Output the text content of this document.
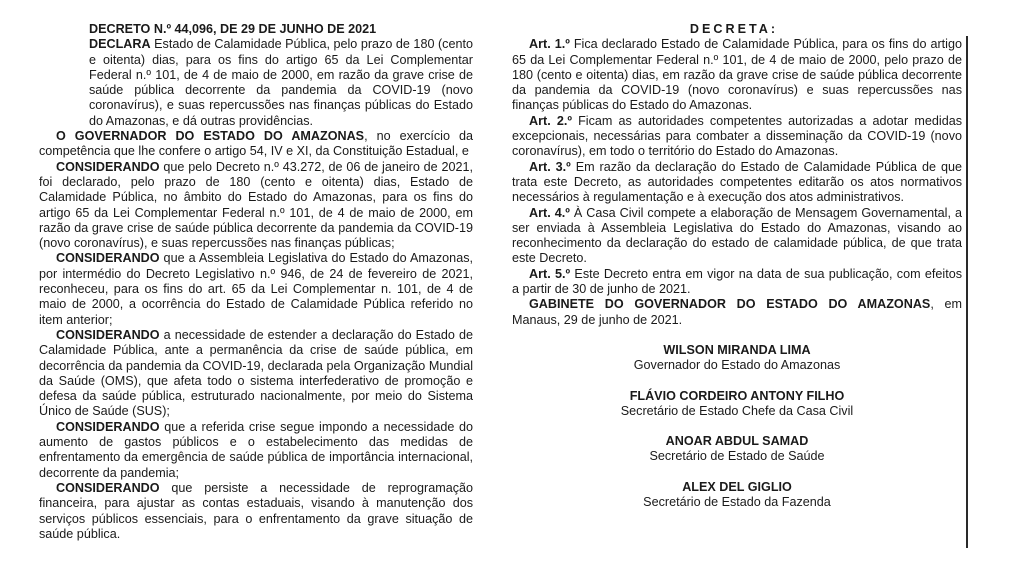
DECRETO N.º 44,096, DE 29 DE JUNHO DE 2021

DECLARA Estado de Calamidade Pública, pelo prazo de 180 (cento e oitenta) dias, para os fins do artigo 65 da Lei Complementar Federal n.º 101, de 4 de maio de 2000, em razão da grave crise de saúde pública decorrente da pandemia da COVID-19 (novo coronavírus), e suas repercussões nas finanças públicas do Estado do Amazonas, e dá outras providências.

O GOVERNADOR DO ESTADO DO AMAZONAS, no exercício da competência que lhe confere o artigo 54, IV e XI, da Constituição Estadual, e

CONSIDERANDO que pelo Decreto n.º 43.272, de 06 de janeiro de 2021, foi declarado, pelo prazo de 180 (cento e oitenta) dias, Estado de Calamidade Pública, no âmbito do Estado do Amazonas, para os fins do artigo 65 da Lei Complementar Federal n.º 101, de 4 de maio de 2000, em razão da grave crise de saúde pública decorrente da pandemia da COVID-19 (novo coronavírus), e suas repercussões nas finanças públicas;

CONSIDERANDO que a Assembleia Legislativa do Estado do Amazonas, por intermédio do Decreto Legislativo n.º 946, de 24 de fevereiro de 2021, reconheceu, para os fins do art. 65 da Lei Complementar n. 101, de 4 de maio de 2000, a ocorrência do Estado de Calamidade Pública referido no item anterior;

CONSIDERANDO a necessidade de estender a declaração do Estado de Calamidade Pública, ante a permanência da crise de saúde pública, em decorrência da pandemia da COVID-19, declarada pela Organização Mundial da Saúde (OMS), que afeta todo o sistema interfederativo de promoção e defesa da saúde pública, estruturado nacionalmente, por meio do Sistema Único de Saúde (SUS);

CONSIDERANDO que a referida crise segue impondo a necessidade do aumento de gastos públicos e o estabelecimento das medidas de enfrentamento da emergência de saúde pública de importância internacional, decorrente da pandemia;

CONSIDERANDO que persiste a necessidade de reprogramação financeira, para ajustar as contas estaduais, visando à manutenção dos serviços públicos essenciais, para o enfrentamento da grave situação de saúde pública.

DECRETA:

Art. 1.º Fica declarado Estado de Calamidade Pública, para os fins do artigo 65 da Lei Complementar Federal n.º 101, de 4 de maio de 2000, pelo prazo de 180 (cento e oitenta) dias, em razão da grave crise de saúde pública decorrente da pandemia da COVID-19 (novo coronavírus) e suas repercussões nas finanças públicas do Estado do Amazonas.

Art. 2.º Ficam as autoridades competentes autorizadas a adotar medidas excepcionais, necessárias para combater a disseminação da COVID-19 (novo coronavírus), em todo o território do Estado do Amazonas.

Art. 3.º Em razão da declaração do Estado de Calamidade Pública de que trata este Decreto, as autoridades competentes editarão os atos normativos necessários à regulamentação e à execução dos atos administrativos.

Art. 4.º À Casa Civil compete a elaboração de Mensagem Governamental, a ser enviada à Assembleia Legislativa do Estado do Amazonas, visando ao reconhecimento da declaração do estado de calamidade pública, de que trata este Decreto.

Art. 5.º Este Decreto entra em vigor na data de sua publicação, com efeitos a partir de 30 de junho de 2021.

GABINETE DO GOVERNADOR DO ESTADO DO AMAZONAS, em Manaus, 29 de junho de 2021.

WILSON MIRANDA LIMA
Governador do Estado do Amazonas
FLÁVIO CORDEIRO ANTONY FILHO
Secretário de Estado Chefe da Casa Civil
ANOAR ABDUL SAMAD
Secretário de Estado de Saúde
ALEX DEL GIGLIO
Secretário de Estado da Fazenda
